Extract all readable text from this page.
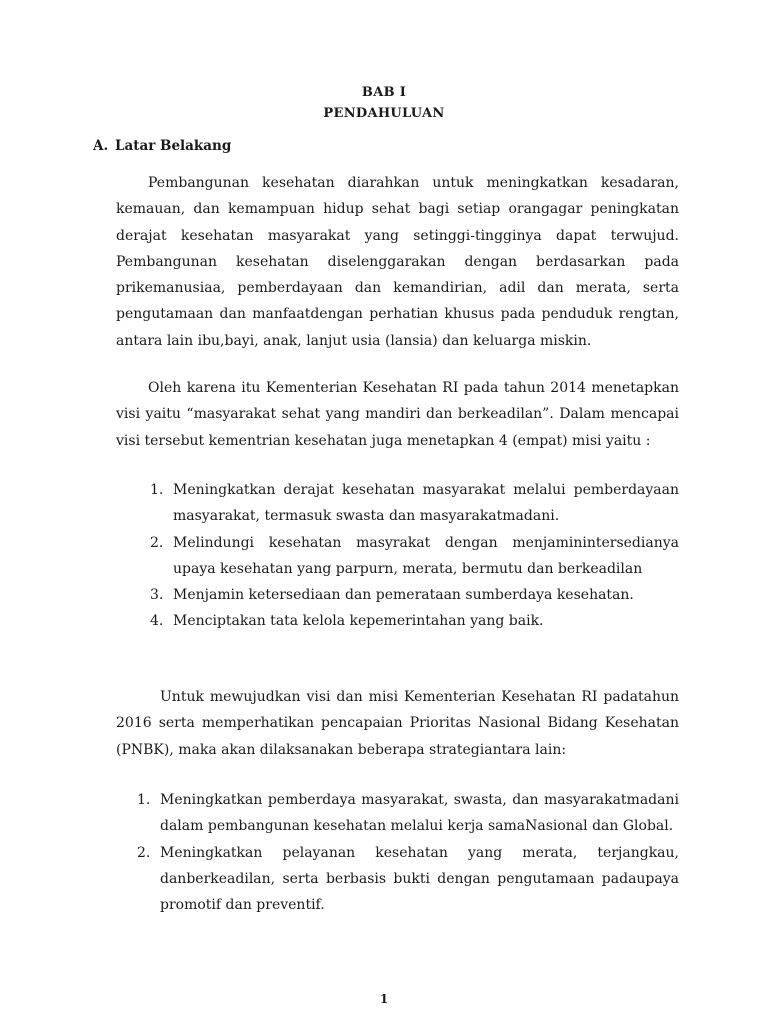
BAB I
PENDAHULUAN
A. Latar Belakang

Pembangunan kesehatan diarahkan untuk meningkatkan kesadaran, kemauan, dan kemampuan hidup sehat bagi setiap orangagar peningkatan derajat kesehatan masyarakat yang setinggi-tingginya dapat terwujud. Pembangunan kesehatan diselenggarakan dengan berdasarkan pada prikemanusiaa, pemberdayaan dan kemandirian, adil dan merata, serta pengutamaan dan manfaatdengan perhatian khusus pada penduduk rengtan, antara lain ibu,bayi, anak, lanjut usia (lansia) dan keluarga miskin.

Oleh karena itu Kementerian Kesehatan RI pada tahun 2014 menetapkan visi yaitu “masyarakat sehat yang mandiri dan berkeadilan”. Dalam mencapai visi tersebut kementrian kesehatan juga menetapkan 4 (empat) misi yaitu :

1. Meningkatkan derajat kesehatan masyarakat melalui pemberdayaan masyarakat, termasuk swasta dan masyarakatmadani.
2. Melindungi kesehatan masyrakat dengan menjaminintersedianya upaya kesehatan yang parpurn, merata, bermutu dan berkeadilan
3. Menjamin ketersediaan dan pemerataan sumberdaya kesehatan.
4. Menciptakan tata kelola kepemerintahan yang baik.

Untuk mewujudkan visi dan misi Kementerian Kesehatan RI padatahun 2016 serta memperhatikan pencapaian Prioritas Nasional Bidang Kesehatan (PNBK), maka akan dilaksanakan beberapa strategiantara lain:

1. Meningkatkan pemberdaya masyarakat, swasta, dan masyarakatmadani dalam pembangunan kesehatan melalui kerja samaNasional dan Global.
2. Meningkatkan pelayanan kesehatan yang merata, terjangkau, danberkeadilan, serta berbasis bukti dengan pengutamaan padaupaya promotif dan preventif.
1
